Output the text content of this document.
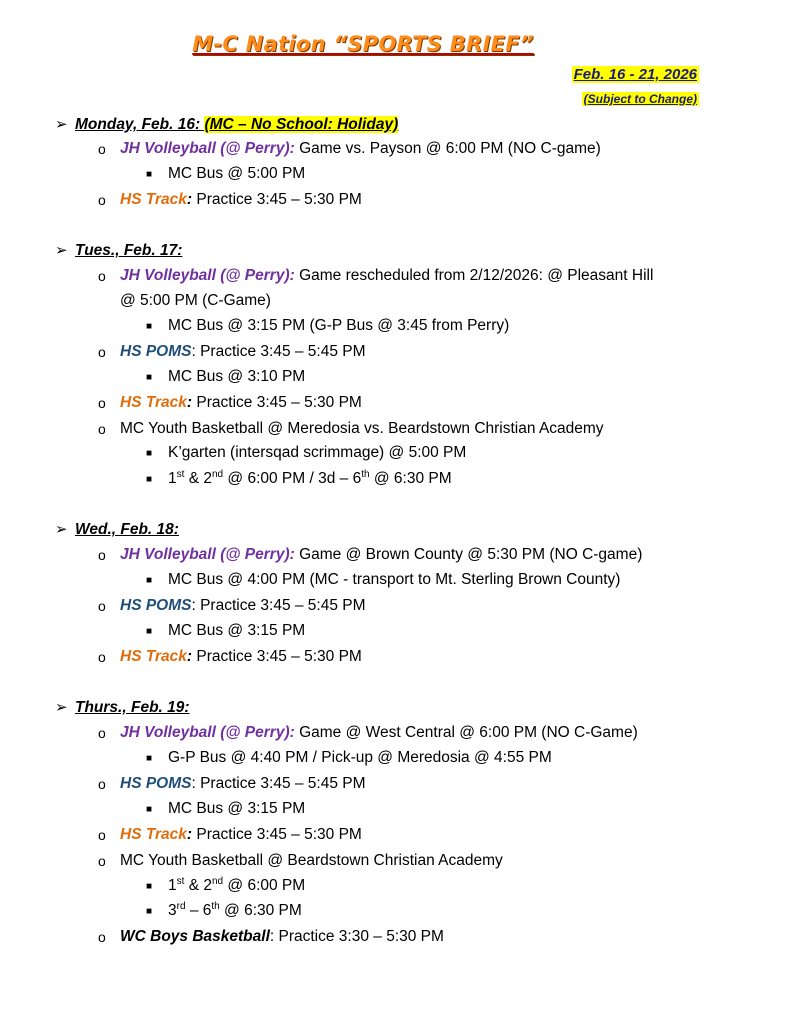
M-C Nation “SPORTS BRIEF”
Feb. 16 - 21, 2026
(Subject to Change)
➢ Monday, Feb. 16: (MC – No School: Holiday)
o JH Volleyball (@ Perry): Game vs. Payson @ 6:00 PM (NO C-game)
■ MC Bus @ 5:00 PM
o HS Track: Practice 3:45 – 5:30 PM
➢ Tues., Feb. 17:
o JH Volleyball (@ Perry): Game rescheduled from 2/12/2026: @ Pleasant Hill
@ 5:00 PM (C-Game)
■ MC Bus @ 3:15 PM (G-P Bus @ 3:45 from Perry)
o HS POMS: Practice 3:45 – 5:45 PM
■ MC Bus @ 3:10 PM
o HS Track: Practice 3:45 – 5:30 PM
o MC Youth Basketball @ Meredosia vs. Beardstown Christian Academy
■ K’garten (intersqad scrimmage) @ 5:00 PM
■ 1st & 2nd @ 6:00 PM / 3d – 6th @ 6:30 PM
➢ Wed., Feb. 18:
o JH Volleyball (@ Perry): Game @ Brown County @ 5:30 PM (NO C-game)
■ MC Bus @ 4:00 PM (MC - transport to Mt. Sterling Brown County)
o HS POMS: Practice 3:45 – 5:45 PM
■ MC Bus @ 3:15 PM
o HS Track: Practice 3:45 – 5:30 PM
➢ Thurs., Feb. 19:
o JH Volleyball (@ Perry): Game @ West Central @ 6:00 PM (NO C-Game)
■ G-P Bus @ 4:40 PM / Pick-up @ Meredosia @ 4:55 PM
o HS POMS: Practice 3:45 – 5:45 PM
■ MC Bus @ 3:15 PM
o HS Track: Practice 3:45 – 5:30 PM
o MC Youth Basketball @ Beardstown Christian Academy
■ 1st & 2nd @ 6:00 PM
■ 3rd – 6th @ 6:30 PM
o WC Boys Basketball: Practice 3:30 – 5:30 PM
